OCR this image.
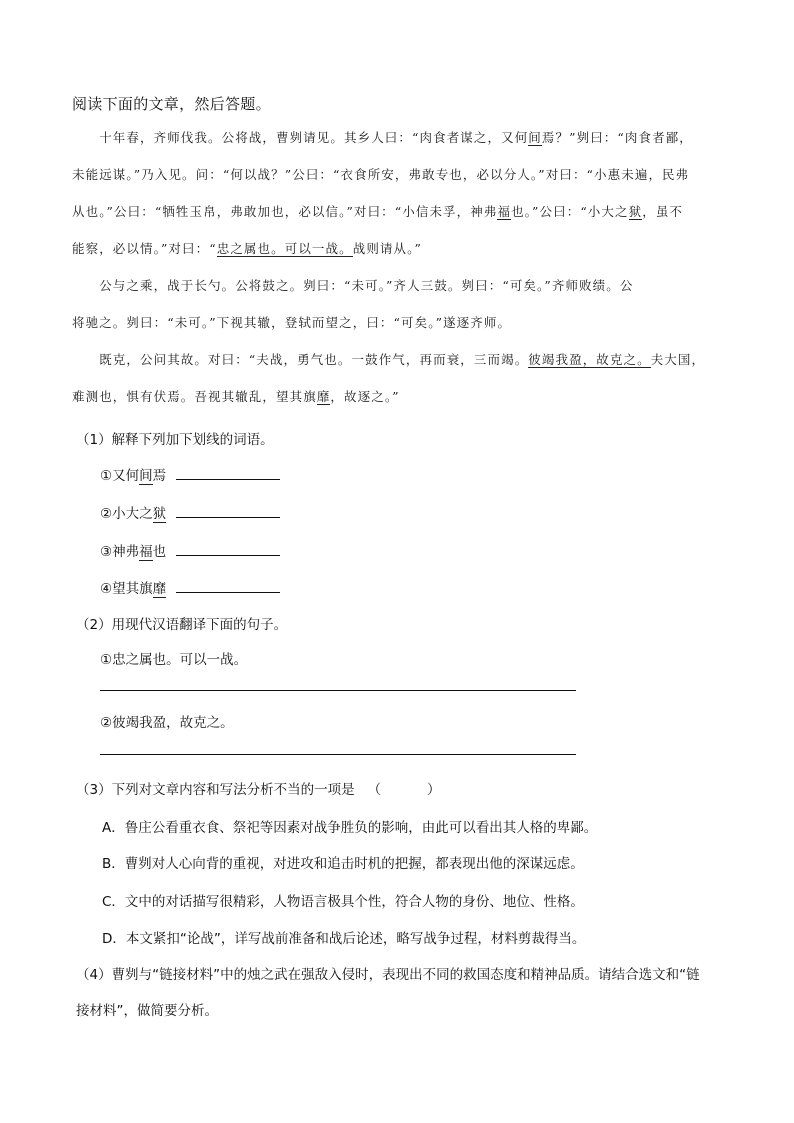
阅读下面的文章，然后答题。
　　十年春，齐师伐我。公将战，曹刿请见。其乡人曰：“肉食者谋之，又何间焉？”刿曰：“肉食者鄙，
未能远谋。”乃入见。问：“何以战？”公曰：“衣食所安，弗敢专也，必以分人。”对曰：“小惠未遍，民弗
从也。”公曰：“牺牲玉帛，弗敢加也，必以信。”对曰：“小信未孚，神弗福也。”公曰：“小大之狱，虽不
能察，必以情。”对曰：“忠之属也。可以一战。战则请从。”
　　公与之乘，战于长勺。公将鼓之。刿曰：“未可。”齐人三鼓。刿曰：“可矣。”齐师败绩。公
将驰之。刿曰：“未可。”下视其辙，登轼而望之，曰：“可矣。”遂逐齐师。
　　既克，公问其故。对曰：“夫战，勇气也。一鼓作气，再而衰，三而竭。彼竭我盈，故克之。夫大国，
难测也，惧有伏焉。吾视其辙乱，望其旗靡，故逐之。”
（1）解释下列加下划线的词语。
①又何间焉
②小大之狱
③神弗福也
④望其旗靡
（2）用现代汉语翻译下面的句子。
①忠之属也。可以一战。
②彼竭我盈，故克之。
（3）下列对文章内容和写法分析不当的一项是 （	）
A．鲁庄公看重衣食、祭祀等因素对战争胜负的影响，由此可以看出其人格的卑鄙。
B．曹刿对人心向背的重视，对进攻和追击时机的把握，都表现出他的深谋远虑。
C．文中的对话描写很精彩，人物语言极具个性，符合人物的身份、地位、性格。
D．本文紧扣“论战”，详写战前准备和战后论述，略写战争过程，材料剪裁得当。
（4）曹刿与“链接材料”中的烛之武在强敌入侵时，表现出不同的救国态度和精神品质。请结合选文和“链
接材料”，做简要分析。
